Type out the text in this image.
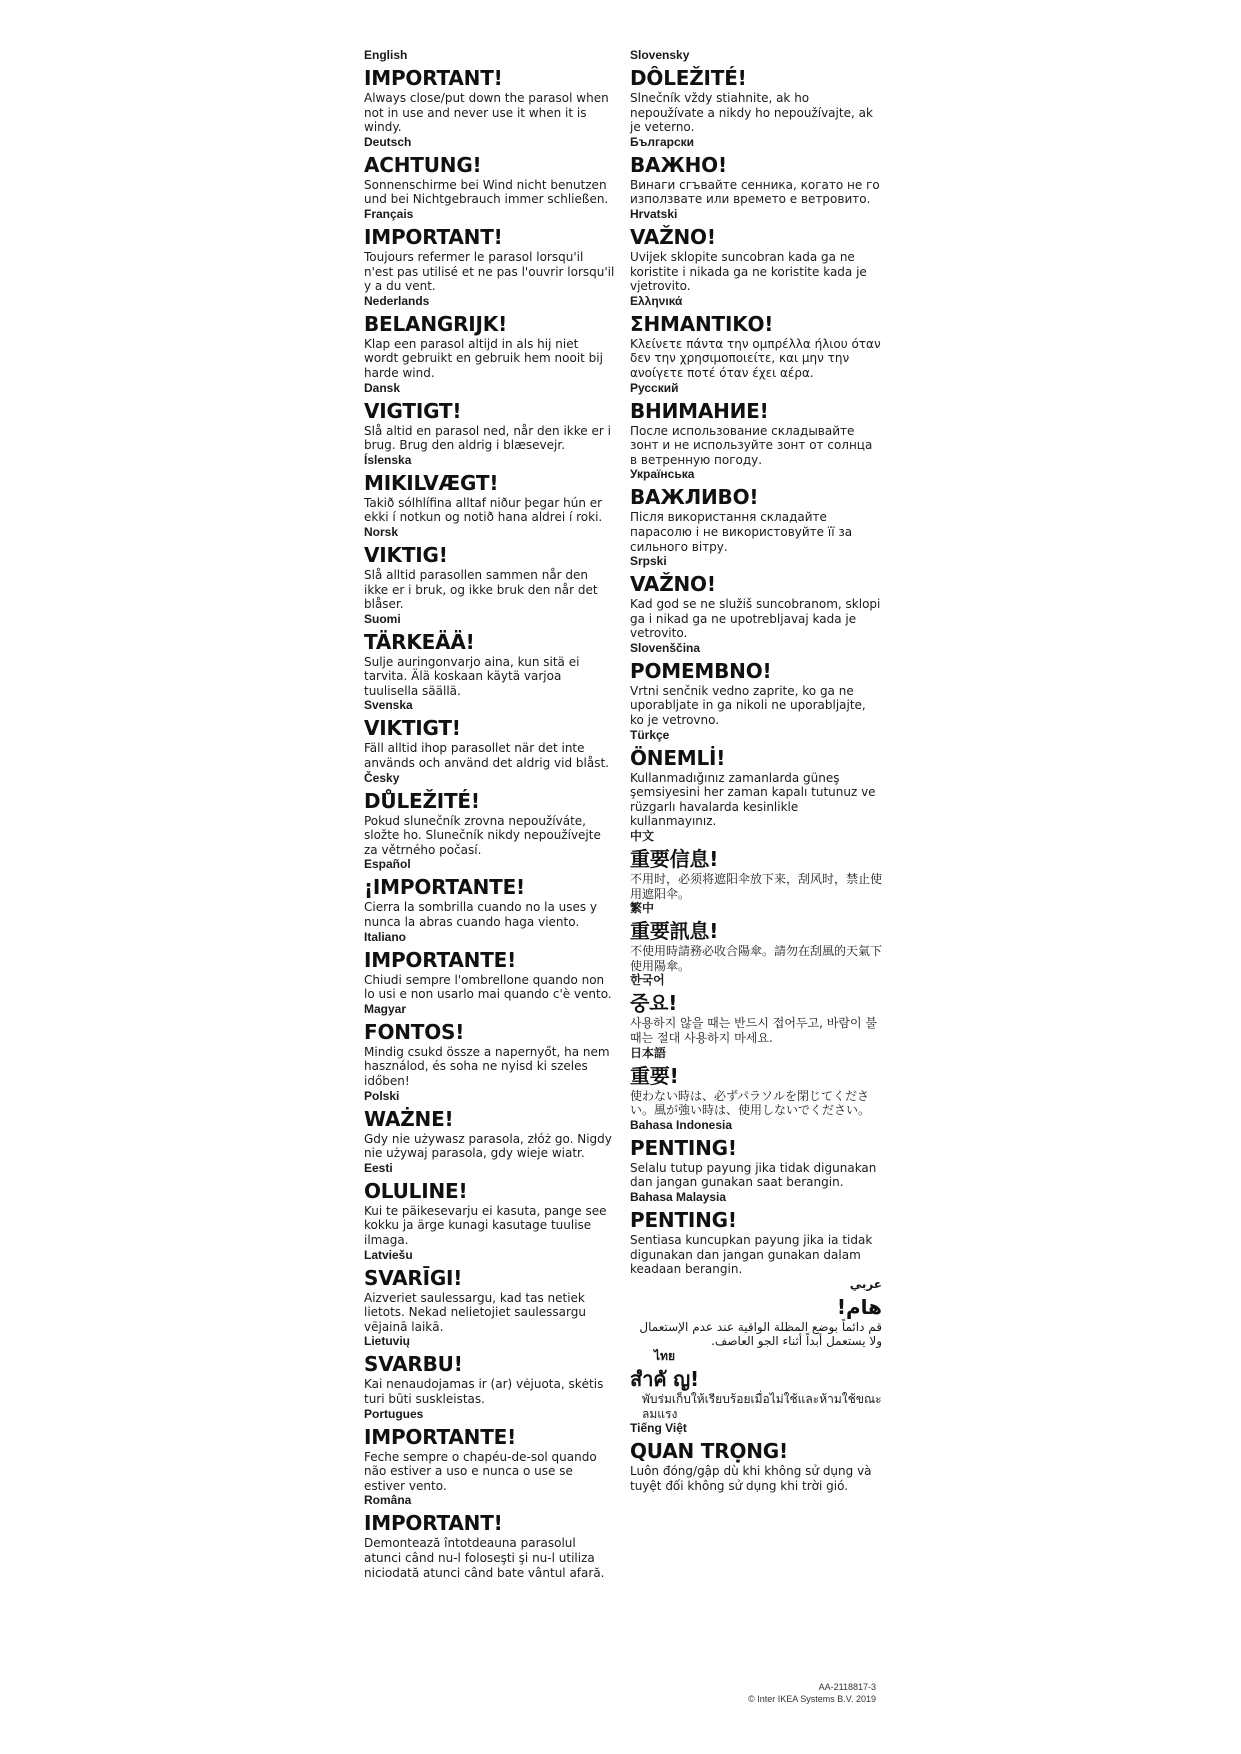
English
IMPORTANT!
Always close/put down the parasol when not in use and never use it when it is windy.
Deutsch
ACHTUNG!
Sonnenschirme bei Wind nicht benutzen und bei Nichtgebrauch immer schließen.
Français
IMPORTANT!
Toujours refermer le parasol lorsqu'il n'est pas utilisé et ne pas l'ouvrir lorsqu'il y a du vent.
Nederlands
BELANGRIJK!
Klap een parasol altijd in als hij niet wordt gebruikt en gebruik hem nooit bij harde wind.
Dansk
VIGTIGT!
Slå altid en parasol ned, når den ikke er i brug. Brug den aldrig i blæsevejr.
Íslenska
MIKILVÆGT!
Takið sólhlífina alltaf niður þegar hún er ekki í notkun og notið hana aldrei í roki.
Norsk
VIKTIG!
Slå alltid parasollen sammen når den ikke er i bruk, og ikke bruk den når det blåser.
Suomi
TÄRKEÄÄ!
Sulje auringonvarjo aina, kun sitä ei tarvita. Älä koskaan käytä varjoa tuulisella säällä.
Svenska
VIKTIGT!
Fäll alltid ihop parasollet när det inte används och använd det aldrig vid blåst.
Česky
DŮLEŽITÉ!
Pokud slunečník zrovna nepoužíváte, složte ho. Slunečník nikdy nepoužívejte za větrného počasí.
Español
¡IMPORTANTE!
Cierra la sombrilla cuando no la uses y nunca la abras cuando haga viento.
Italiano
IMPORTANTE!
Chiudi sempre l'ombrellone quando non lo usi e non usarlo mai quando c'è vento.
Magyar
FONTOS!
Mindig csukd össze a napernyőt, ha nem használod, és soha ne nyisd ki szeles időben!
Polski
WAŻNE!
Gdy nie używasz parasola, złóż go. Nigdy nie używaj parasola, gdy wieje wiatr.
Eesti
OLULINE!
Kui te päikesevarju ei kasuta, pange see kokku ja ärge kunagi kasutage tuulise ilmaga.
Latviešu
SVARĪGI!
Aizveriet saulessargu, kad tas netiek lietots. Nekad nelietojiet saulessargu vējainā laikā.
Lietuvių
SVARBU!
Kai nenaudojamas ir (ar) vėjuota, skėtis turi būti suskleistas.
Portugues
IMPORTANTE!
Feche sempre o chapéu-de-sol quando não estiver a uso e nunca o use se estiver vento.
Româna
IMPORTANT!
Demontează întotdeauna parasolul atunci când nu-l foloseşti şi nu-l utiliza niciodată atunci când bate vântul afară.
Slovensky
DÔLEŽITÉ!
Slnečník vždy stiahnite, ak ho nepoužívate a nikdy ho nepoužívajte, ak je veterno.
Български
ВАЖНО!
Винаги сгъвайте сенника, когато не го използвате или времето е ветровито.
Hrvatski
VAŽNO!
Uvijek sklopite suncobran kada ga ne koristite i nikada ga ne koristite kada je vjetrovito.
Ελληνικά
ΣΗΜΑΝΤΙΚΟ!
Κλείνετε πάντα την ομπρέλλα ήλιου όταν δεν την χρησιμοποιείτε, και μην την ανοίγετε ποτέ όταν έχει αέρα.
Русский
ВНИМАНИЕ!
После использование складывайте зонт и не используйте зонт от солнца в ветренную погоду.
Українська
ВАЖЛИВО!
Після використання складайте парасолю і не використовуйте її за сильного вітру.
Srpski
VAŽNO!
Kad god se ne služiš suncobranom, sklopi ga i nikad ga ne upotrebljavaj kada je vetrovito.
Slovenščina
POMEMBNO!
Vrtni senčnik vedno zaprite, ko ga ne uporabljate in ga nikoli ne uporabljajte, ko je vetrovno.
Türkçe
ÖNEMLİ!
Kullanmadığınız zamanlarda güneş şemsiyesini her zaman kapalı tutunuz ve rüzgarlı havalarda kesinlikle kullanmayınız.
中文
重要信息!
不用时，必须将遮阳伞放下来，刮风时，禁止使用遮阳伞。
繁中
重要訊息!
不使用時請務必收合陽傘。請勿在刮風的天氣下使用陽傘。
한국어
중요!
사용하지 않을 때는 반드시 접어두고, 바람이 불 때는 절대 사용하지 마세요.
日本語
重要!
使わない時は、必ずパラソルを閉じてください。風が強い時は、使用しないでください。
Bahasa Indonesia
PENTING!
Selalu tutup payung jika tidak digunakan dan jangan gunakan saat berangin.
Bahasa Malaysia
PENTING!
Sentiasa kuncupkan payung jika ia tidak digunakan dan jangan gunakan dalam keadaan berangin.
عربي
هام!
قم دائماً بوضع المظلة الواقية عند عدم الإستعمال ولا يستعمل أبداً أثناء الجو العاصف.
ไทย
สำคั ญ!
พับร่มเก็บให้เรียบร้อยเมื่อไม่ใช้และห้ามใช้ขณะลมแรง
Tiếng Việt
QUAN TRỌNG!
Luôn đóng/gập dù khi không sử dụng và tuyệt đối không sử dụng khi trời gió.
AA-2118817-3
© Inter IKEA Systems B.V. 2019
